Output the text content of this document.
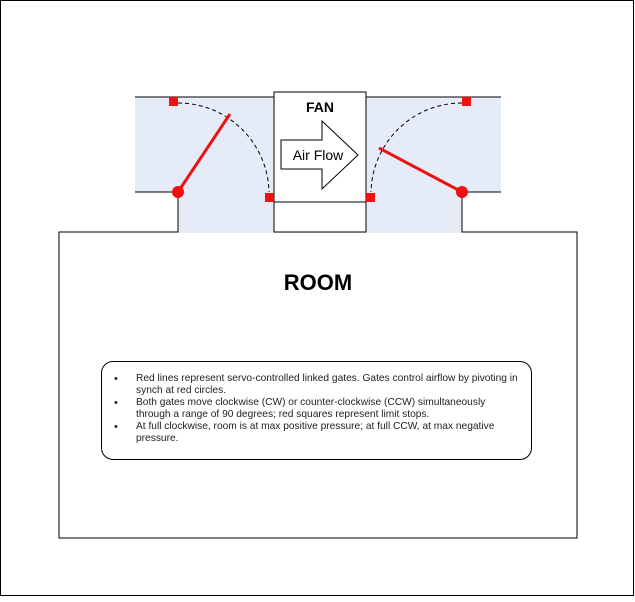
FAN
Air Flow
ROOM
• Red lines represent servo-controlled linked gates. Gates control airflow by pivoting in synch at red circles.
• Both gates move clockwise (CW) or counter-clockwise (CCW) simultaneously through a range of 90 degrees; red squares represent limit stops.
• At full clockwise, room is at max positive pressure; at full CCW, at max negative pressure.
